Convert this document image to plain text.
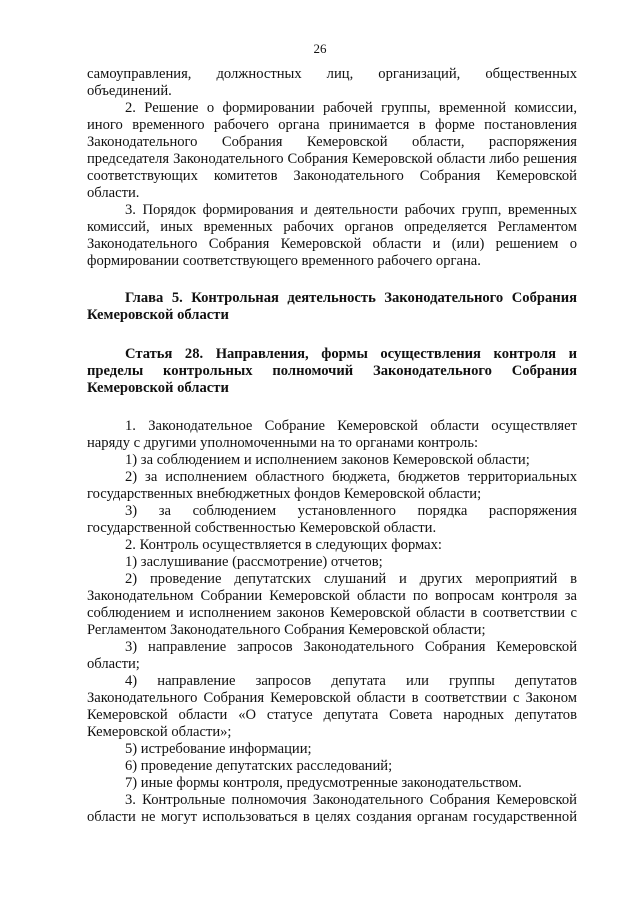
26

самоуправления, должностных лиц, организаций, общественных объединений.

2. Решение о формировании рабочей группы, временной комиссии, иного временного рабочего органа принимается в форме постановления Законодательного Собрания Кемеровской области, распоряжения председателя Законодательного Собрания Кемеровской области либо решения соответствующих комитетов Законодательного Собрания Кемеровской области.

3. Порядок формирования и деятельности рабочих групп, временных комиссий, иных временных рабочих органов определяется Регламентом Законодательного Собрания Кемеровской области и (или) решением о формировании соответствующего временного рабочего органа.

Глава 5. Контрольная деятельность Законодательного Собрания Кемеровской области

Статья 28. Направления, формы осуществления контроля и пределы контрольных полномочий Законодательного Собрания Кемеровской области

1. Законодательное Собрание Кемеровской области осуществляет наряду с другими уполномоченными на то органами контроль:

1) за соблюдением и исполнением законов Кемеровской области;

2) за исполнением областного бюджета, бюджетов территориальных государственных внебюджетных фондов Кемеровской области;

3) за соблюдением установленного порядка распоряжения государственной собственностью Кемеровской области.

2. Контроль осуществляется в следующих формах:

1) заслушивание (рассмотрение) отчетов;

2) проведение депутатских слушаний и других мероприятий в Законодательном Собрании Кемеровской области по вопросам контроля за соблюдением и исполнением законов Кемеровской области в соответствии с Регламентом Законодательного Собрания Кемеровской области;

3) направление запросов Законодательного Собрания Кемеровской области;

4) направление запросов депутата или группы депутатов Законодательного Собрания Кемеровской области в соответствии с Законом Кемеровской области «О статусе депутата Совета народных депутатов Кемеровской области»;

5) истребование информации;

6) проведение депутатских расследований;

7) иные формы контроля, предусмотренные законодательством.

3. Контрольные полномочия Законодательного Собрания Кемеровской области не могут использоваться в целях создания органам государственной
